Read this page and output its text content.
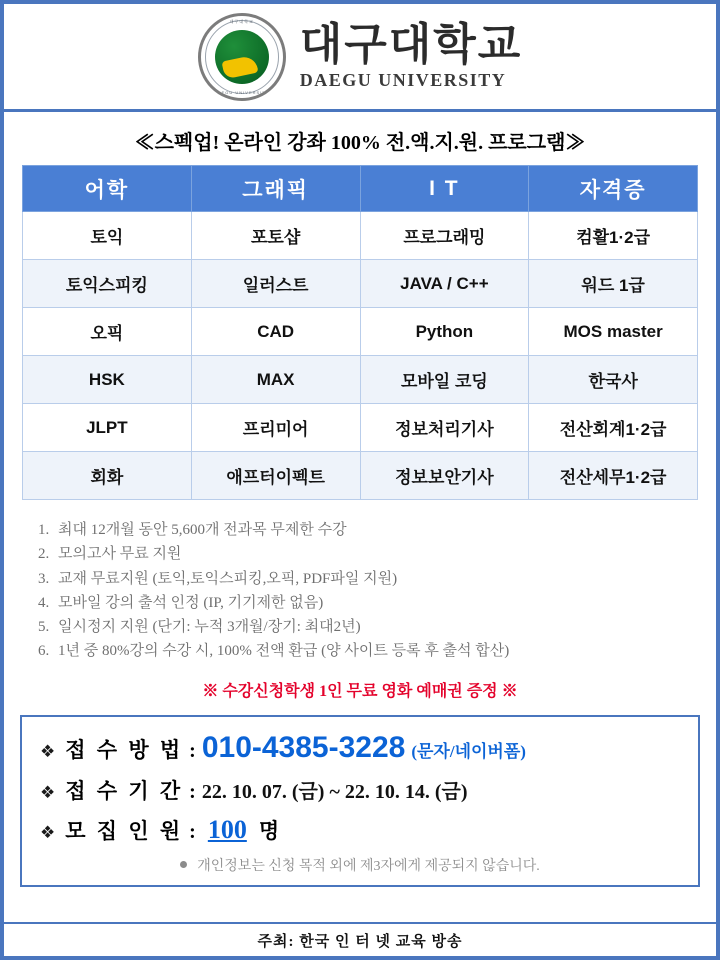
대구대학교
DAEGU UNIVERSITY
대구대학교
DAEGU UNIVERSITY
≪스펙업! 온라인 강좌 100% 전.액.지.원. 프로그램≫
어학	그래픽	I T	자격증
토익	포토샵	프로그래밍	컴활1·2급
토익스피킹	일러스트	JAVA / C++	워드 1급
오픽	CAD	Python	MOS master
HSK	MAX	모바일 코딩	한국사
JLPT	프리미어	정보처리기사	전산회계1·2급
회화	애프터이펙트	정보보안기사	전산세무1·2급
1. 최대 12개월 동안 5,600개 전과목 무제한 수강
2. 모의고사 무료 지원
3. 교재 무료지원 (토익,토익스피킹,오픽, PDF파일 지원)
4. 모바일 강의 출석 인정 (IP, 기기제한 없음)
5. 일시정지 지원 (단기: 누적 3개월/장기: 최대2년)
6. 1년 중 80%강의 수강 시, 100% 전액 환급 (양 사이트 등록 후 출석 합산)
※ 수강신청학생 1인 무료 영화 예매권 증정 ※
❖ 접 수 방 법 : 010-4385-3228 (문자/네이버폼)
❖ 접 수 기 간 : 22. 10. 07. (금) ~ 22. 10. 14. (금)
❖ 모 집 인 원 : 100 명
개인정보는 신청 목적 외에 제3자에게 제공되지 않습니다.
주최: 한국 인 터 넷 교육 방송
